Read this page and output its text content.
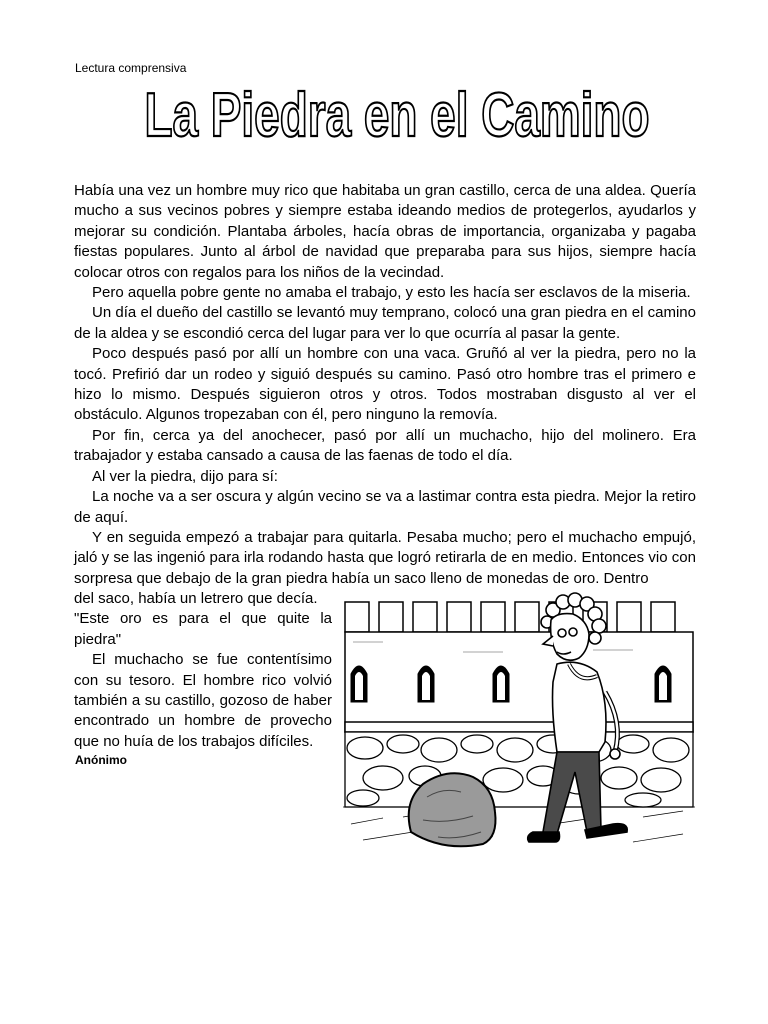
Lectura comprensiva
La Piedra en el Camino

Había una vez un hombre muy rico que habitaba un gran castillo, cerca de una aldea. Quería mucho a sus vecinos pobres y siempre estaba ideando medios de protegerlos, ayudarlos y mejorar su condición. Plantaba árboles, hacía obras de importancia, organizaba y pagaba fiestas populares. Junto al árbol de navidad que preparaba para sus hijos, siempre hacía colocar otros con regalos para los niños de la vecindad.

Pero aquella pobre gente no amaba el trabajo, y esto les hacía ser esclavos de la miseria.

Un día el dueño del castillo se levantó muy temprano, colocó una gran piedra en el camino de la aldea y se escondió cerca del lugar para ver lo que ocurría al pasar la gente.

Poco después pasó por allí un hombre con una vaca. Gruñó al ver la piedra, pero no la tocó. Prefirió dar un rodeo y siguió después su camino. Pasó otro hombre tras el primero e hizo lo mismo. Después siguieron otros y otros. Todos mostraban disgusto al ver el obstáculo. Algunos tropezaban con él, pero ninguno la removía.

Por fin, cerca ya del anochecer, pasó por allí un muchacho, hijo del molinero. Era trabajador y estaba cansado a causa de las faenas de todo el día.

Al ver la piedra, dijo para sí:

La noche va a ser oscura y algún vecino se va a lastimar contra esta piedra. Mejor la retiro de aquí.

Y en seguida empezó a trabajar para quitarla. Pesaba mucho; pero el muchacho empujó, jaló y se las ingenió para irla rodando hasta que logró retirarla de en medio. Entonces vio con sorpresa que debajo de la gran piedra había un saco lleno de monedas de oro. Dentro

del saco, había un letrero que decía.

"Este oro es para el que quite la piedra"

El muchacho se fue contentísimo con su tesoro. El hombre rico volvió también a su castillo, gozoso de haber encontrado un hombre de provecho que no huía de los trabajos difíciles.

Anónimo
